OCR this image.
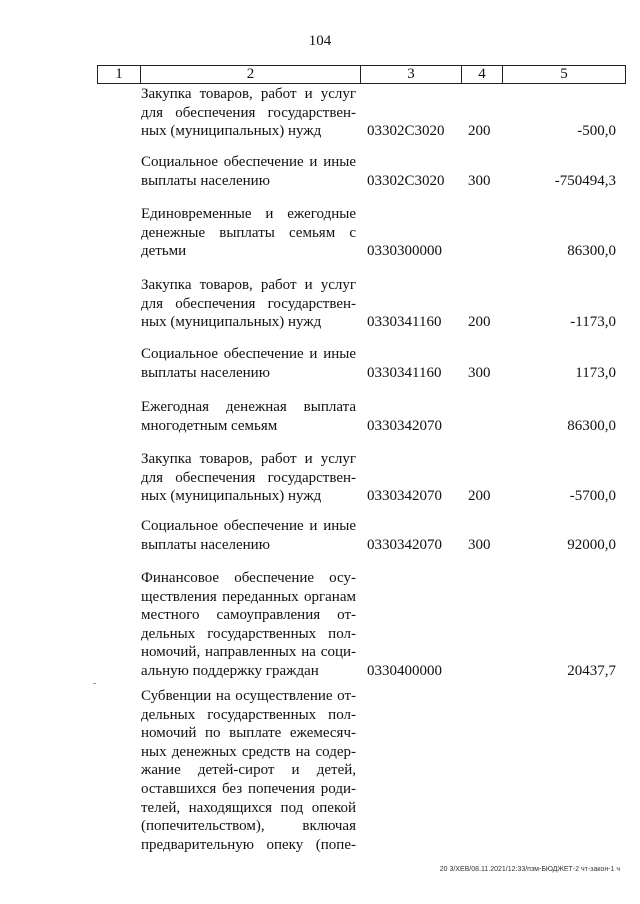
104
1	2	3	4	5
Закупка товаров, работ и услуг
для обеспечения государствен-
ных (муниципальных) нужд	03302С3020 200	-500,0
Социальное обеспечение и иные
выплаты населению	03302С3020 300	-750494,3
Единовременные и ежегодные
денежные выплаты семьям с
детьми	0330300000	86300,0
Закупка товаров, работ и услуг
для обеспечения государствен-
ных (муниципальных) нужд	0330341160 200	-1173,0
Социальное обеспечение и иные
выплаты населению	0330341160 300	1173,0
Ежегодная денежная выплата
многодетным семьям	0330342070	86300,0
Закупка товаров, работ и услуг
для обеспечения государствен-
ных (муниципальных) нужд	0330342070 200	-5700,0
Социальное обеспечение и иные
выплаты населению	0330342070 300	92000,0
Финансовое обеспечение осу-
ществления переданных органам
местного самоуправления от-
дельных государственных пол-
номочий, направленных на соци-
альную поддержку граждан	0330400000	20437,7
Субвенции на осуществление от-
дельных государственных пол-
номочий по выплате ежемесяч-
ных денежных средств на содер-
жание детей-сирот и детей,
оставшихся без попечения роди-
телей, находящихся под опекой
(попечительством), включая
предварительную опеку (попе-
20 3/ХЕВ/08.11.2021/12:33/пзм-БЮДЖЕТ-2 чт-закон-1 ч
